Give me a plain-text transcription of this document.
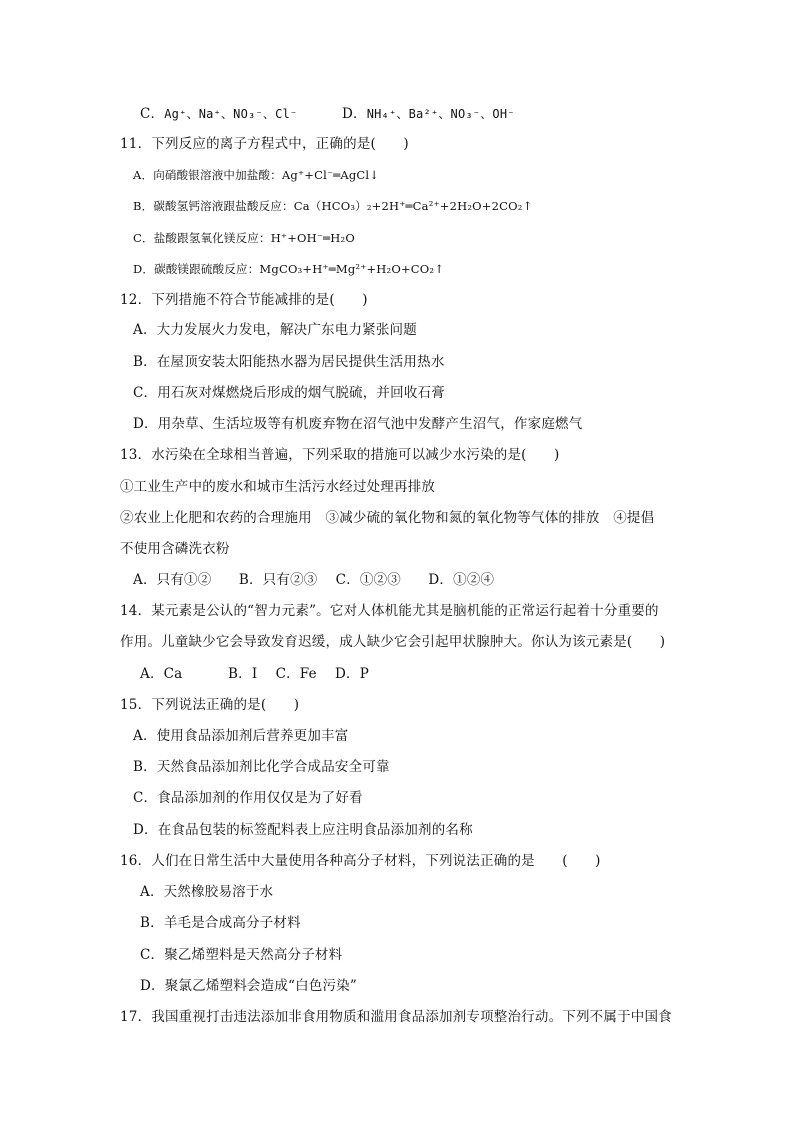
C．Ag⁺、Na⁺、NO₃⁻、Cl⁻	D．NH₄⁺、Ba²⁺、NO₃⁻、OH⁻
11．下列反应的离子方程式中，正确的是(　　)
A．向硝酸银溶液中加盐酸：Ag⁺+Cl⁻═AgCl↓
B．碳酸氢钙溶液跟盐酸反应：Ca（HCO₃）₂+2H⁺═Ca²⁺+2H₂O+2CO₂↑
C．盐酸跟氢氧化镁反应：H⁺+OH⁻═H₂O
D．碳酸镁跟硫酸反应：MgCO₃+H⁺═Mg²⁺+H₂O+CO₂↑
12．下列措施不符合节能减排的是(　　)
A．大力发展火力发电，解决广东电力紧张问题
B．在屋顶安装太阳能热水器为居民提供生活用热水
C．用石灰对煤燃烧后形成的烟气脱硫，并回收石膏
D．用杂草、生活垃圾等有机废弃物在沼气池中发酵产生沼气，作家庭燃气
13．水污染在全球相当普遍，下列采取的措施可以减少水污染的是(　　)
①工业生产中的废水和城市生活污水经过处理再排放
②农业上化肥和农药的合理施用　③减少硫的氧化物和氮的氧化物等气体的排放　④提倡
不使用含磷洗衣粉
A．只有①②　　B．只有②③　 C．①②③　　D．①②④
14．某元素是公认的“智力元素”。它对人体机能尤其是脑机能的正常运行起着十分重要的
作用。儿童缺少它会导致发育迟缓，成人缺少它会引起甲状腺肿大。你认为该元素是(　　)
A．Ca　　　 B．I　 C．Fe　 D．P
15．下列说法正确的是(　　)
A．使用食品添加剂后营养更加丰富
B．天然食品添加剂比化学合成品安全可靠
C．食品添加剂的作用仅仅是为了好看
D．在食品包装的标签配料表上应注明食品添加剂的名称
16．人们在日常生活中大量使用各种高分子材料，下列说法正确的是　　(　　)
A．天然橡胶易溶于水
B．羊毛是合成高分子材料
C．聚乙烯塑料是天然高分子材料
D．聚氯乙烯塑料会造成“白色污染”
17．我国重视打击违法添加非食用物质和滥用食品添加剂专项整治行动。下列不属于中国食
